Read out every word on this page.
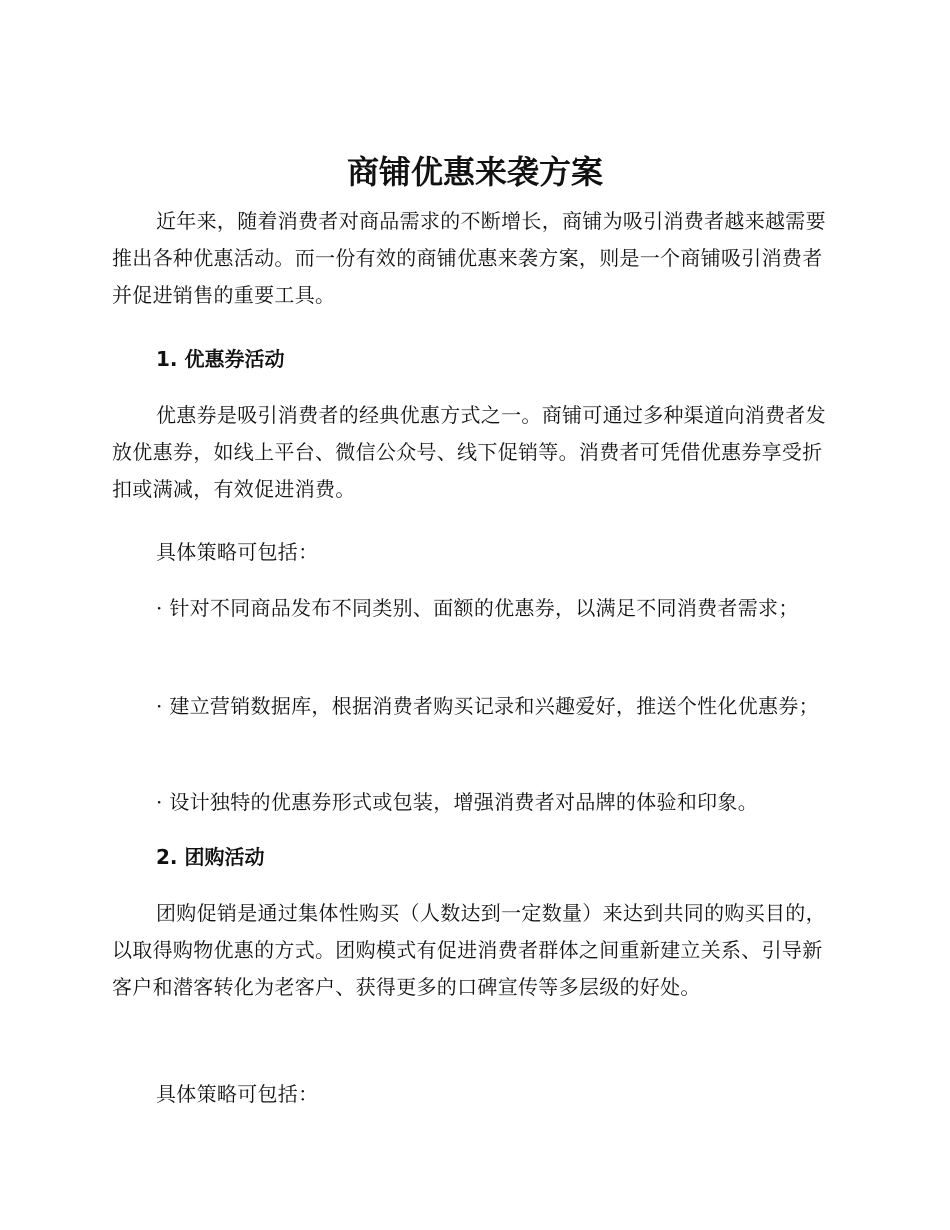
商铺优惠来袭方案

近年来，随着消费者对商品需求的不断增长，商铺为吸引消费者越来越需要推出各种优惠活动。而一份有效的商铺优惠来袭方案，则是一个商铺吸引消费者并促进销售的重要工具。

1. 优惠券活动

优惠券是吸引消费者的经典优惠方式之一。商铺可通过多种渠道向消费者发放优惠券，如线上平台、微信公众号、线下促销等。消费者可凭借优惠券享受折扣或满减，有效促进消费。

具体策略可包括：

· 针对不同商品发布不同类别、面额的优惠券，以满足不同消费者需求；

· 建立营销数据库，根据消费者购买记录和兴趣爱好，推送个性化优惠券；

· 设计独特的优惠券形式或包装，增强消费者对品牌的体验和印象。

2. 团购活动

团购促销是通过集体性购买（人数达到一定数量）来达到共同的购买目的，以取得购物优惠的方式。团购模式有促进消费者群体之间重新建立关系、引导新客户和潜客转化为老客户、获得更多的口碑宣传等多层级的好处。

具体策略可包括：
